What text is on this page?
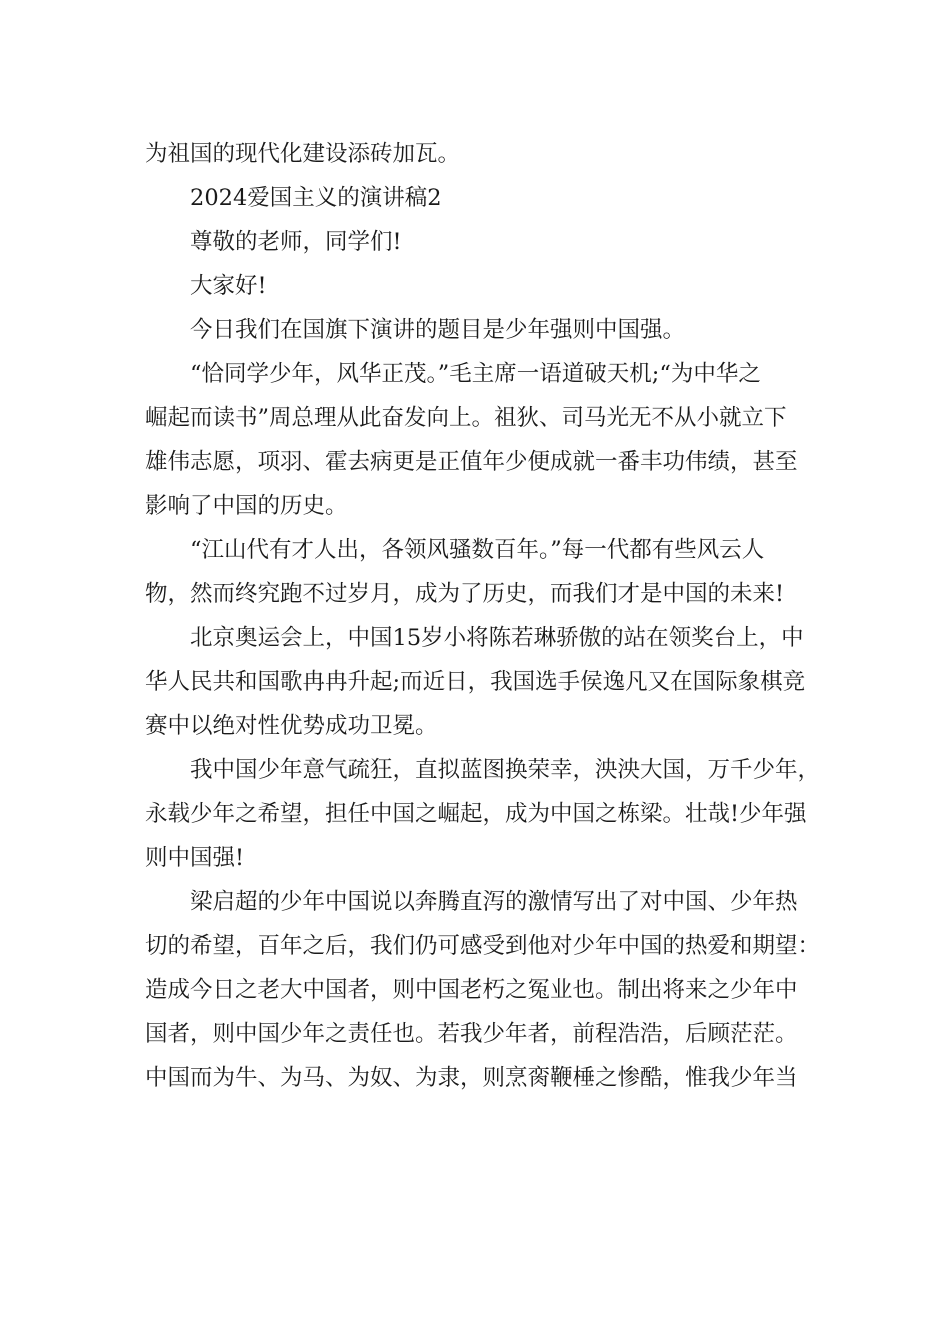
为祖国的现代化建设添砖加瓦。
2024爱国主义的演讲稿2
尊敬的老师，同学们!
大家好!
今日我们在国旗下演讲的题目是少年强则中国强。
“恰同学少年，风华正茂。”毛主席一语道破天机;“为中华之
崛起而读书”周总理从此奋发向上。祖狄、司马光无不从小就立下
雄伟志愿，项羽、霍去病更是正值年少便成就一番丰功伟绩，甚至
影响了中国的历史。
“江山代有才人出，各领风骚数百年。”每一代都有些风云人
物，然而终究跑不过岁月，成为了历史，而我们才是中国的未来!
北京奥运会上，中国15岁小将陈若琳骄傲的站在领奖台上，中
华人民共和国歌冉冉升起;而近日，我国选手侯逸凡又在国际象棋竞
赛中以绝对性优势成功卫冕。
我中国少年意气疏狂，直拟蓝图换荣幸，泱泱大国，万千少年，
永载少年之希望，担任中国之崛起，成为中国之栋梁。壮哉!少年强
则中国强!
梁启超的少年中国说以奔腾直泻的激情写出了对中国、少年热
切的希望，百年之后，我们仍可感受到他对少年中国的热爱和期望：
造成今日之老大中国者，则中国老朽之冤业也。制出将来之少年中
国者，则中国少年之责任也。若我少年者，前程浩浩，后顾茫茫。
中国而为牛、为马、为奴、为隶，则烹脔鞭棰之惨酷，惟我少年当
